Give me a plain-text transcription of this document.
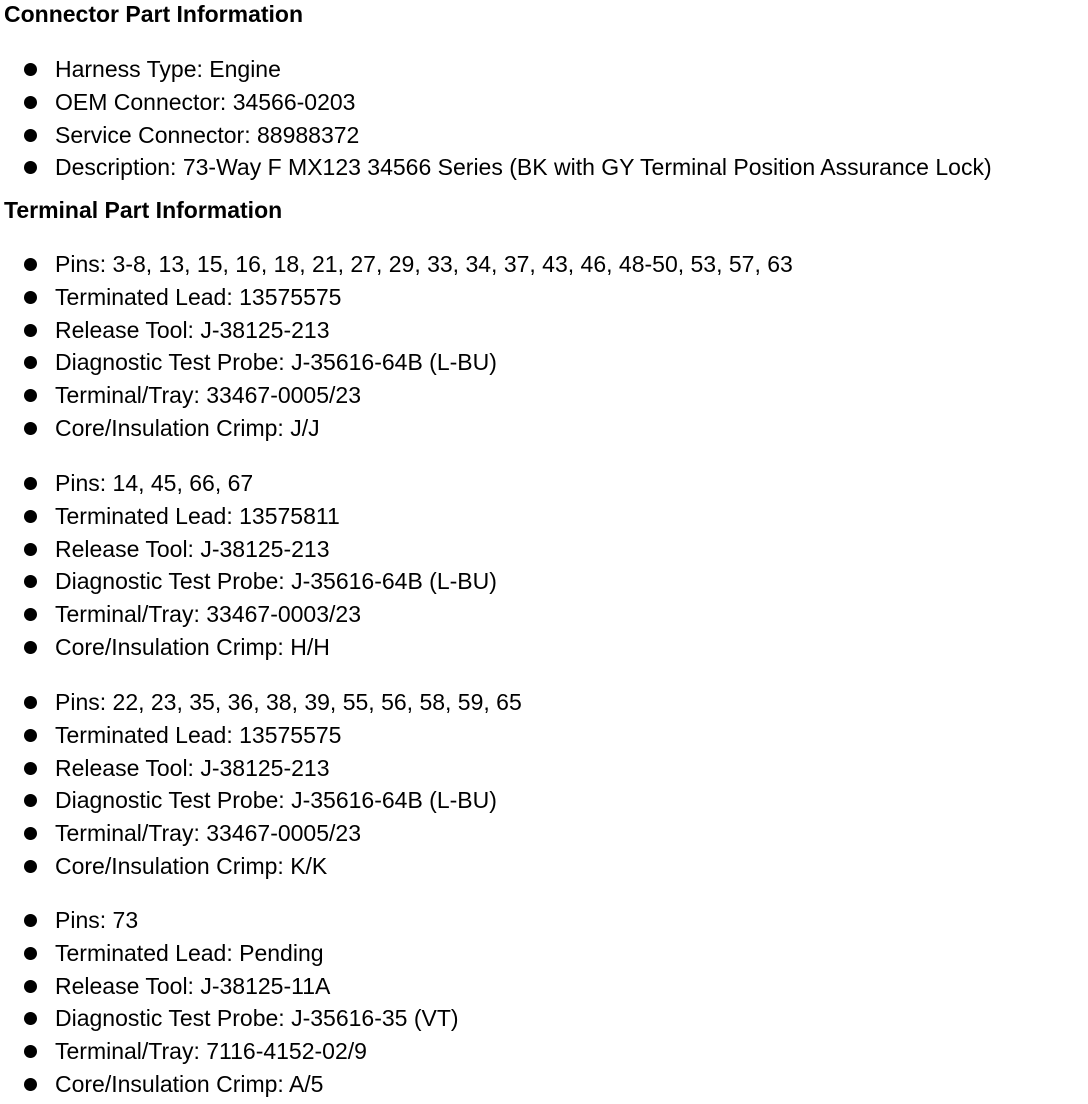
Connector Part Information
Harness Type: Engine
OEM Connector: 34566-0203
Service Connector: 88988372
Description: 73-Way F MX123 34566 Series (BK with GY Terminal Position Assurance Lock)
Terminal Part Information
Pins: 3-8, 13, 15, 16, 18, 21, 27, 29, 33, 34, 37, 43, 46, 48-50, 53, 57, 63
Terminated Lead: 13575575
Release Tool: J-38125-213
Diagnostic Test Probe: J-35616-64B (L-BU)
Terminal/Tray: 33467-0005/23
Core/Insulation Crimp: J/J
Pins: 14, 45, 66, 67
Terminated Lead: 13575811
Release Tool: J-38125-213
Diagnostic Test Probe: J-35616-64B (L-BU)
Terminal/Tray: 33467-0003/23
Core/Insulation Crimp: H/H
Pins: 22, 23, 35, 36, 38, 39, 55, 56, 58, 59, 65
Terminated Lead: 13575575
Release Tool: J-38125-213
Diagnostic Test Probe: J-35616-64B (L-BU)
Terminal/Tray: 33467-0005/23
Core/Insulation Crimp: K/K
Pins: 73
Terminated Lead: Pending
Release Tool: J-38125-11A
Diagnostic Test Probe: J-35616-35 (VT)
Terminal/Tray: 7116-4152-02/9
Core/Insulation Crimp: A/5
